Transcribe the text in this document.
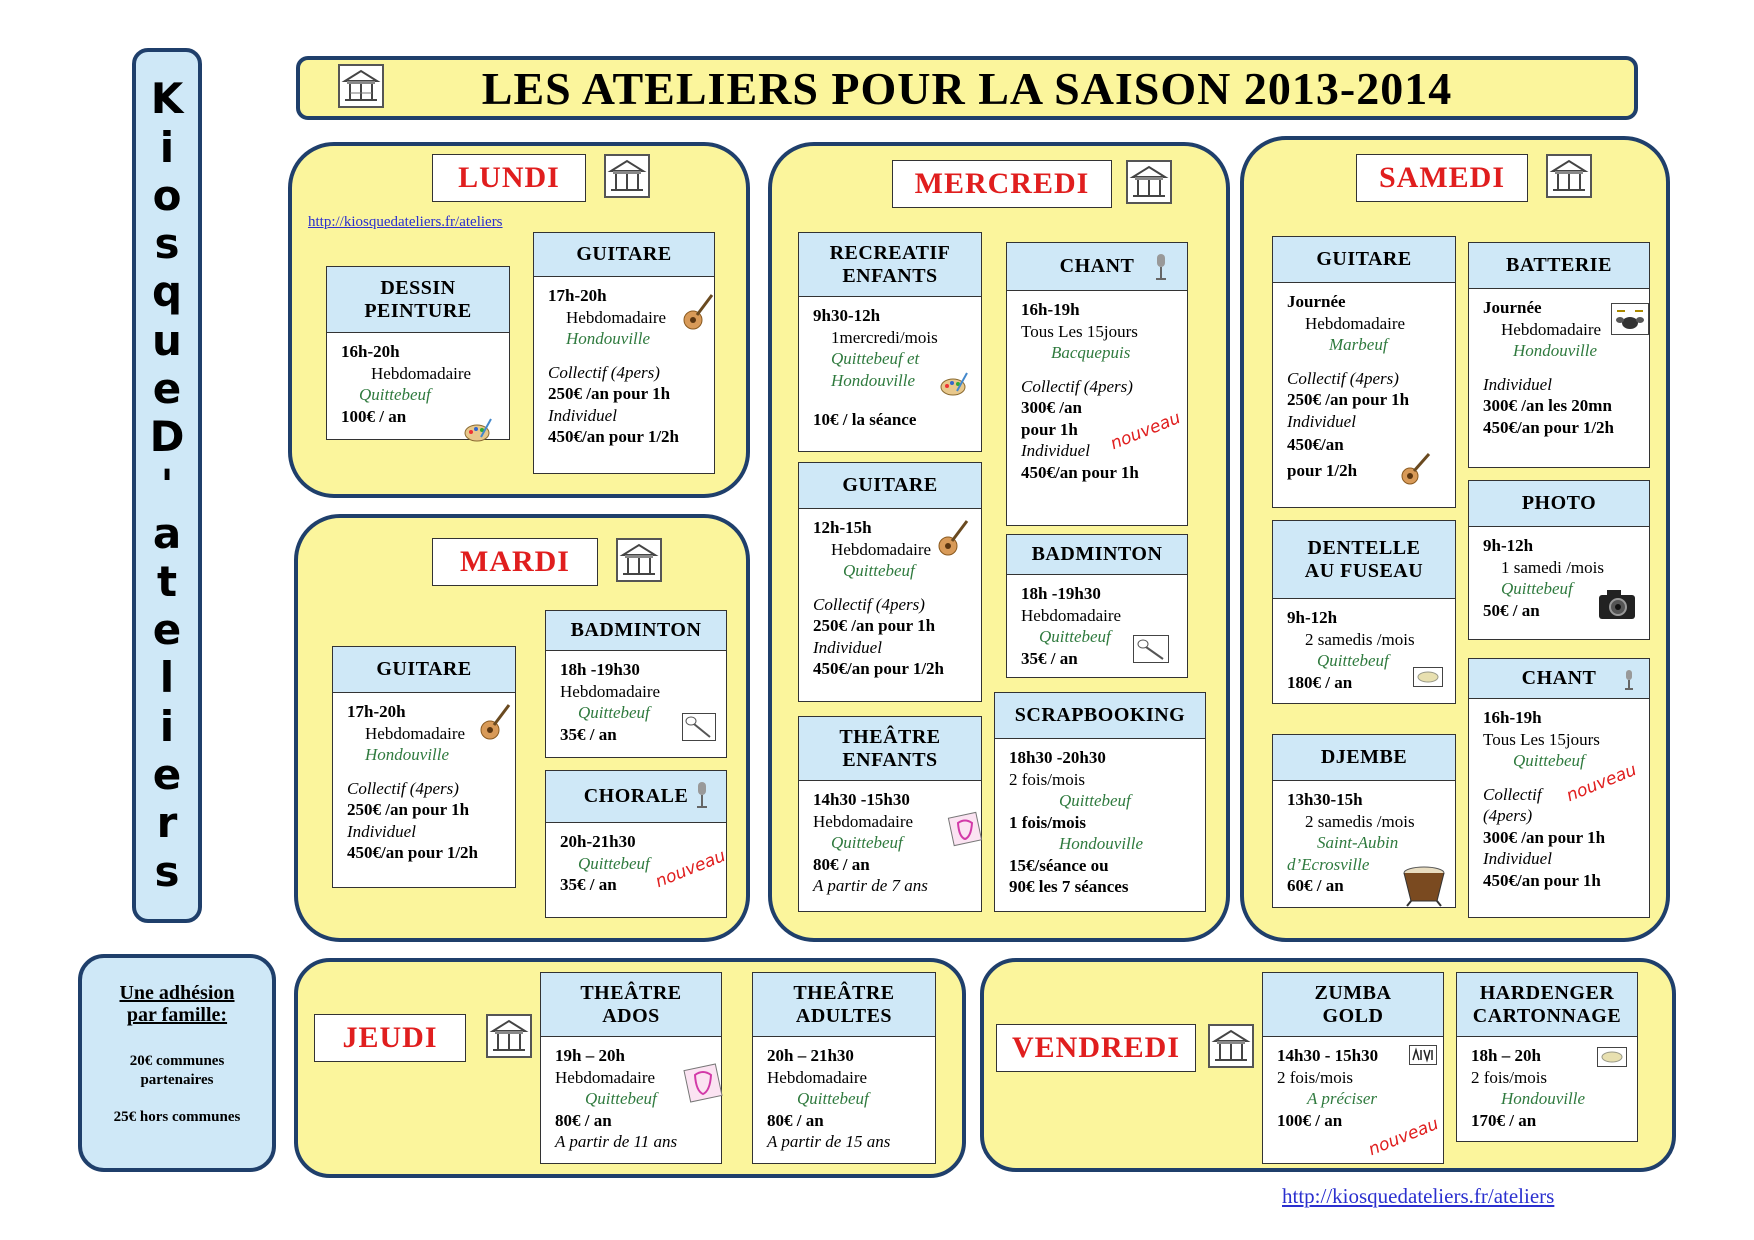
K
i
o
s
q
u
e
D
'
a
t
e
l
i
e
r
s
LES ATELIERS POUR LA SAISON 2013-2014
LUNDI
http://kiosquedateliers.fr/ateliers
DESSIN
PEINTURE
16h-20h
Hebdomadaire
Quittebeuf
100€ / an
GUITARE
17h-20h
Hebdomadaire
Hondouville
Collectif (4pers)
250€ /an pour 1h
Individuel
450€/an pour 1/2h
MARDI
GUITARE
17h-20h
Hebdomadaire
Hondouville
Collectif (4pers)
250€ /an pour 1h
Individuel
450€/an pour 1/2h
BADMINTON
18h -19h30
Hebdomadaire
Quittebeuf
35€ / an
CHORALE
20h-21h30
Quittebeuf
35€ / an	nouveau
MERCREDI
RECREATIF
ENFANTS
9h30-12h
1mercredi/mois
Quittebeuf et
Hondouville
10€ / la séance
CHANT
16h-19h
Tous Les 15jours
Bacquepuis
Collectif (4pers)
300€ /an
pour 1h
Individuel
450€/an pour 1h
nouveau
GUITARE
12h-15h
Hebdomadaire
Quittebeuf
Collectif (4pers)
250€ /an pour 1h
Individuel
450€/an pour 1/2h
BADMINTON
18h -19h30
Hebdomadaire
Quittebeuf
35€ / an
THEÂTRE
ENFANTS
14h30 -15h30
Hebdomadaire
Quittebeuf
80€ / an
A partir de 7 ans
SCRAPBOOKING
18h30 -20h30
2 fois/mois
Quittebeuf
1 fois/mois
Hondouville
15€/séance ou
90€ les 7 séances
SAMEDI
GUITARE
Journée
Hebdomadaire
Marbeuf
Collectif (4pers)
250€ /an pour 1h
Individuel
450€/an
pour 1/2h
BATTERIE
Journée
Hebdomadaire
Hondouville
Individuel
300€ /an les 20mn
450€/an pour 1/2h
PHOTO
9h-12h
1 samedi /mois
Quittebeuf
50€ / an
DENTELLE
AU FUSEAU
9h-12h
2 samedis /mois
Quittebeuf
180€ / an	CHANT
16h-19h
Tous Les 15jours
Quittebeuf
Collectif
(4pers)
300€ /an pour 1h
Individuel
450€/an pour 1h
nouveau
DJEMBE
13h30-15h
2 samedis /mois
Saint-Aubin
d’Ecrosville
60€ / an
Une adhésion
par famille:
20€ communes
partenaires
25€ hors communes
JEUDI
THEÂTRE
ADOS
19h – 20h
Hebdomadaire
Quittebeuf
80€ / an
A partir de 11 ans
THEÂTRE
ADULTES
20h – 21h30
Hebdomadaire
Quittebeuf
80€ / an
A partir de 15 ans
VENDREDI
ZUMBA
GOLD
14h30 - 15h30
2 fois/mois
A préciser
100€ / an	nouveau
HARDENGER
CARTONNAGE
18h – 20h
2 fois/mois
Hondouville
170€ / an
http://kiosquedateliers.fr/ateliers
